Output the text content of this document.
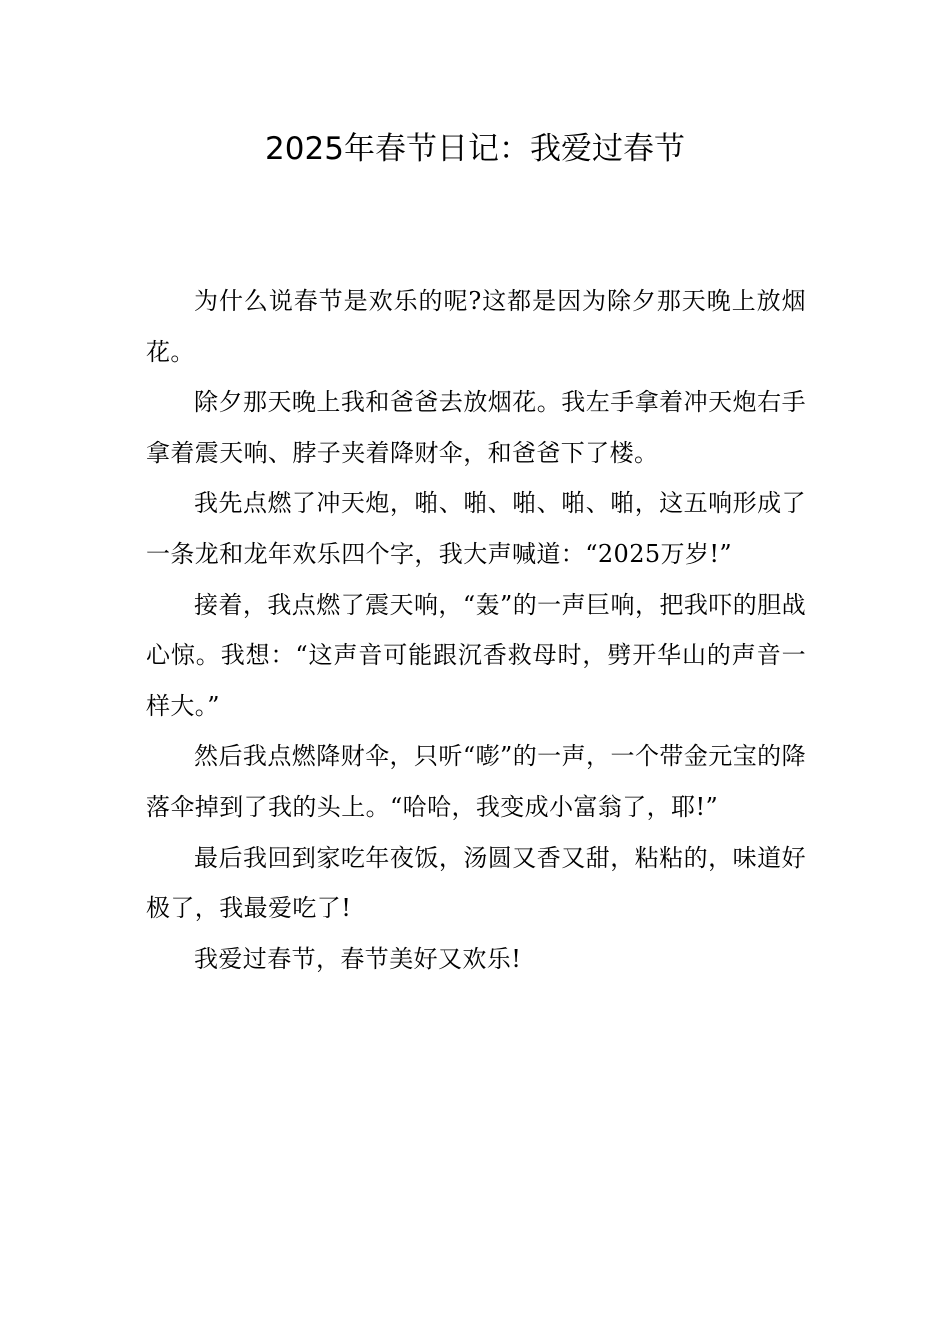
2025年春节日记：我爱过春节

为什么说春节是欢乐的呢?这都是因为除夕那天晚上放烟花。

除夕那天晚上我和爸爸去放烟花。我左手拿着冲天炮右手拿着震天响、脖子夹着降财伞，和爸爸下了楼。

我先点燃了冲天炮，啪、啪、啪、啪、啪，这五响形成了一条龙和龙年欢乐四个字，我大声喊道：“2025万岁!”

接着，我点燃了震天响，“轰”的一声巨响，把我吓的胆战心惊。我想：“这声音可能跟沉香救母时，劈开华山的声音一样大。”

然后我点燃降财伞，只听“嘭”的一声，一个带金元宝的降落伞掉到了我的头上。“哈哈，我变成小富翁了，耶!”

最后我回到家吃年夜饭，汤圆又香又甜，粘粘的，味道好极了，我最爱吃了!

我爱过春节，春节美好又欢乐!
